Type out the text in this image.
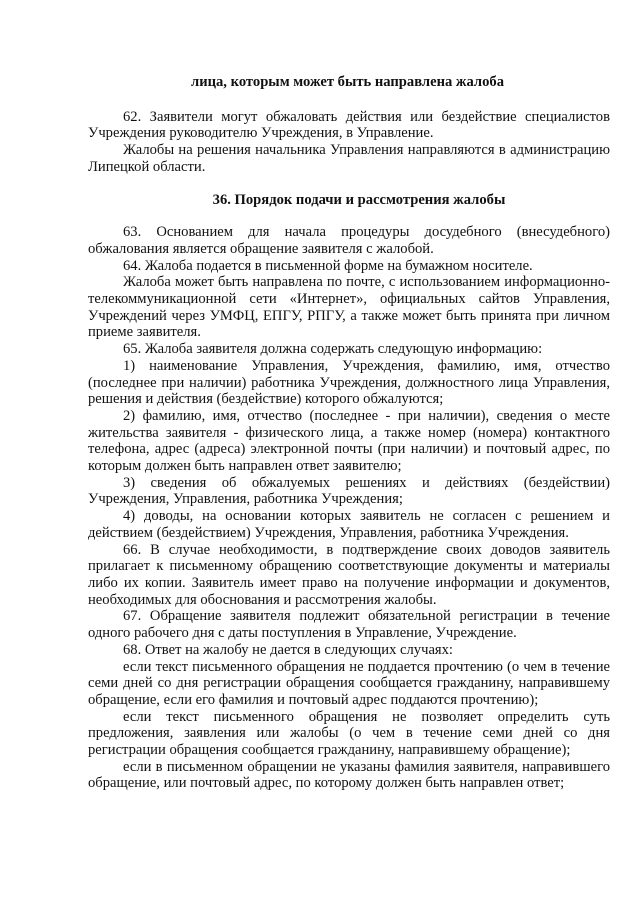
лица, которым может быть направлена жалоба

62. Заявители могут обжаловать действия или бездействие специалистов Учреждения руководителю Учреждения, в Управление.

Жалобы на решения начальника Управления направляются в администрацию Липецкой области.

36. Порядок подачи и рассмотрения жалобы

63. Основанием для начала процедуры досудебного (внесудебного) обжалования является обращение заявителя с жалобой.

64. Жалоба подается в письменной форме на бумажном носителе.

Жалоба может быть направлена по почте, с использованием информационно-телекоммуникационной сети «Интернет», официальных сайтов Управления, Учреждений через УМФЦ, ЕПГУ, РПГУ, а также может быть принята при личном приеме заявителя.

65. Жалоба заявителя должна содержать следующую информацию:

1) наименование Управления, Учреждения, фамилию, имя, отчество (последнее при наличии) работника Учреждения, должностного лица Управления, решения и действия (бездействие) которого обжалуются;

2) фамилию, имя, отчество (последнее - при наличии), сведения о месте жительства заявителя - физического лица, а также номер (номера) контактного телефона, адрес (адреса) электронной почты (при наличии) и почтовый адрес, по которым должен быть направлен ответ заявителю;

3) сведения об обжалуемых решениях и действиях (бездействии) Учреждения, Управления, работника Учреждения;

4) доводы, на основании которых заявитель не согласен с решением и действием (бездействием) Учреждения, Управления, работника Учреждения.

66. В случае необходимости, в подтверждение своих доводов заявитель прилагает к письменному обращению соответствующие документы и материалы либо их копии. Заявитель имеет право на получение информации и документов, необходимых для обоснования и рассмотрения жалобы.

67. Обращение заявителя подлежит обязательной регистрации в течение одного рабочего дня с даты поступления в Управление, Учреждение.

68. Ответ на жалобу не дается в следующих случаях:

если текст письменного обращения не поддается прочтению (о чем в течение семи дней со дня регистрации обращения сообщается гражданину, направившему обращение, если его фамилия и почтовый адрес поддаются прочтению);

если текст письменного обращения не позволяет определить суть предложения, заявления или жалобы (о чем в течение семи дней со дня регистрации обращения сообщается гражданину, направившему обращение);

если в письменном обращении не указаны фамилия заявителя, направившего обращение, или почтовый адрес, по которому должен быть направлен ответ;
